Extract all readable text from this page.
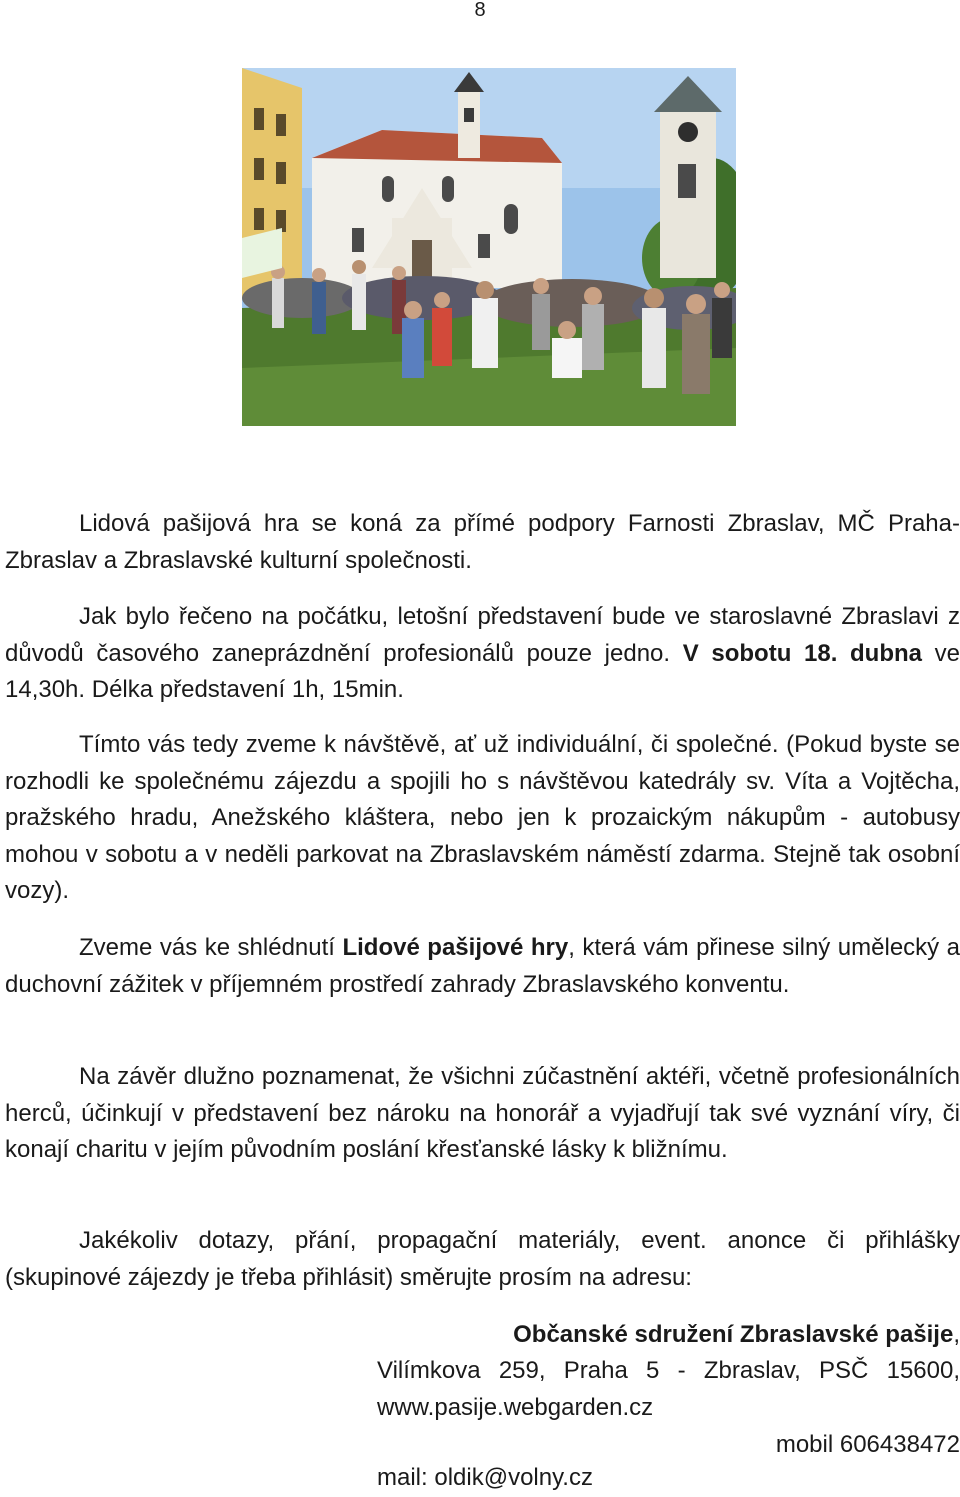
8

Lidová pašijová hra se koná za přímé podpory Farnosti Zbraslav, MČ Praha-Zbraslav a Zbraslavské kulturní společnosti.

Jak bylo řečeno na počátku, letošní představení bude ve staroslavné Zbraslavi z důvodů časového zaneprázdnění profesionálů pouze jedno. V sobotu 18. dubna ve 14,30h. Délka představení 1h, 15min.

Tímto vás tedy zveme k návštěvě, ať už individuální, či společné. (Pokud byste se rozhodli ke společnému zájezdu a spojili ho s návštěvou katedrály sv. Víta a Vojtěcha, pražského hradu, Anežského kláštera, nebo jen k prozaickým nákupům - autobusy mohou v sobotu a v neděli parkovat na Zbraslavském náměstí zdarma. Stejně tak osobní vozy).

Zveme vás ke shlédnutí Lidové pašijové hry, která vám přinese silný umělecký a duchovní zážitek v příjemném prostředí zahrady Zbraslavského konventu.

Na závěr dlužno poznamenat, že všichni zúčastnění aktéři, včetně profesionálních herců, účinkují v představení bez nároku na honorář a vyjadřují tak své vyznání víry, či konají charitu v jejím původním poslání křesťanské lásky k bližnímu.

Jakékoliv dotazy, přání, propagační materiály, event. anonce či přihlášky (skupinové zájezdy je třeba přihlásit) směrujte prosím na adresu:

Občanské sdružení Zbraslavské pašije,
Vilímkova 259, Praha 5 - Zbraslav, PSČ 15600,
www.pasije.webgarden.cz
mobil 606438472
mail: oldik@volny.cz
